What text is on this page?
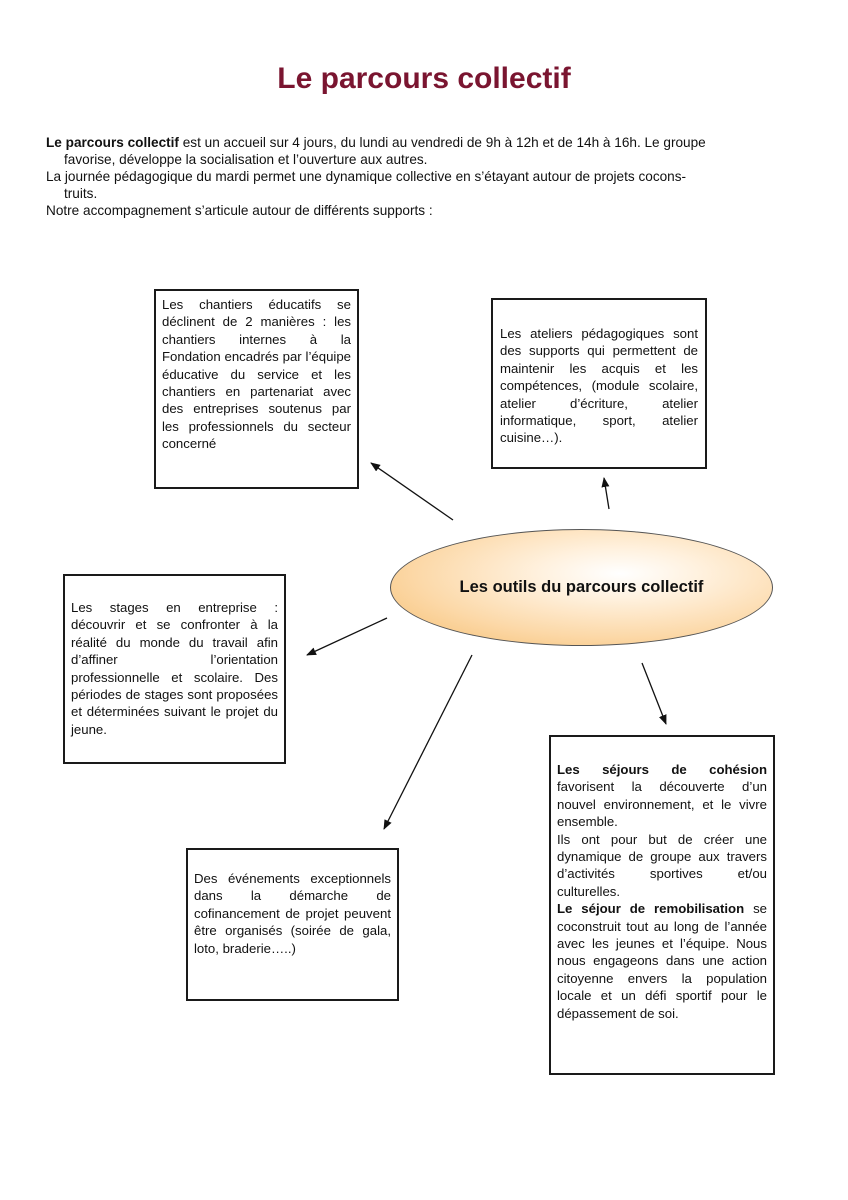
Le parcours collectif

Le parcours collectif est un accueil sur 4 jours, du lundi au vendredi de 9h à 12h et de 14h à 16h. Le groupe

favorise, développe la socialisation et l’ouverture aux autres.

La journée pédagogique du mardi permet une dynamique collective en s’étayant autour de projets cocons-

truits.

Notre accompagnement s’articule autour de différents supports :

Les outils du parcours collectif

Les chantiers éducatifs se déclinent de 2 manières : les chantiers internes à la Fondation encadrés par l’équipe éducative du service et les chantiers en partenariat avec des entreprises soutenus par les professionnels du secteur concerné

Les ateliers pédagogiques sont des supports qui permettent de maintenir les acquis et les compétences, (module scolaire, atelier d’écriture, atelier informatique, sport, atelier cuisine…).

Les stages en entreprise : découvrir et se confronter à la réalité du monde du travail afin d’affiner l’orientation professionnelle et scolaire. Des périodes de stages sont proposées et déterminées suivant le projet du jeune.

Les séjours de cohésion favorisent la découverte d’un nouvel environnement, et le vivre ensemble.

Ils ont pour but de créer une dynamique de groupe aux travers d’activités sportives et/ou culturelles.

Le séjour de remobilisation se coconstruit tout au long de l’année avec les jeunes et l’équipe. Nous nous engageons dans une action citoyenne envers la population locale et un défi sportif pour le dépassement de soi.

Des événements exceptionnels dans la démarche de cofinancement de projet peuvent être organisés (soirée de gala, loto, braderie…..)
